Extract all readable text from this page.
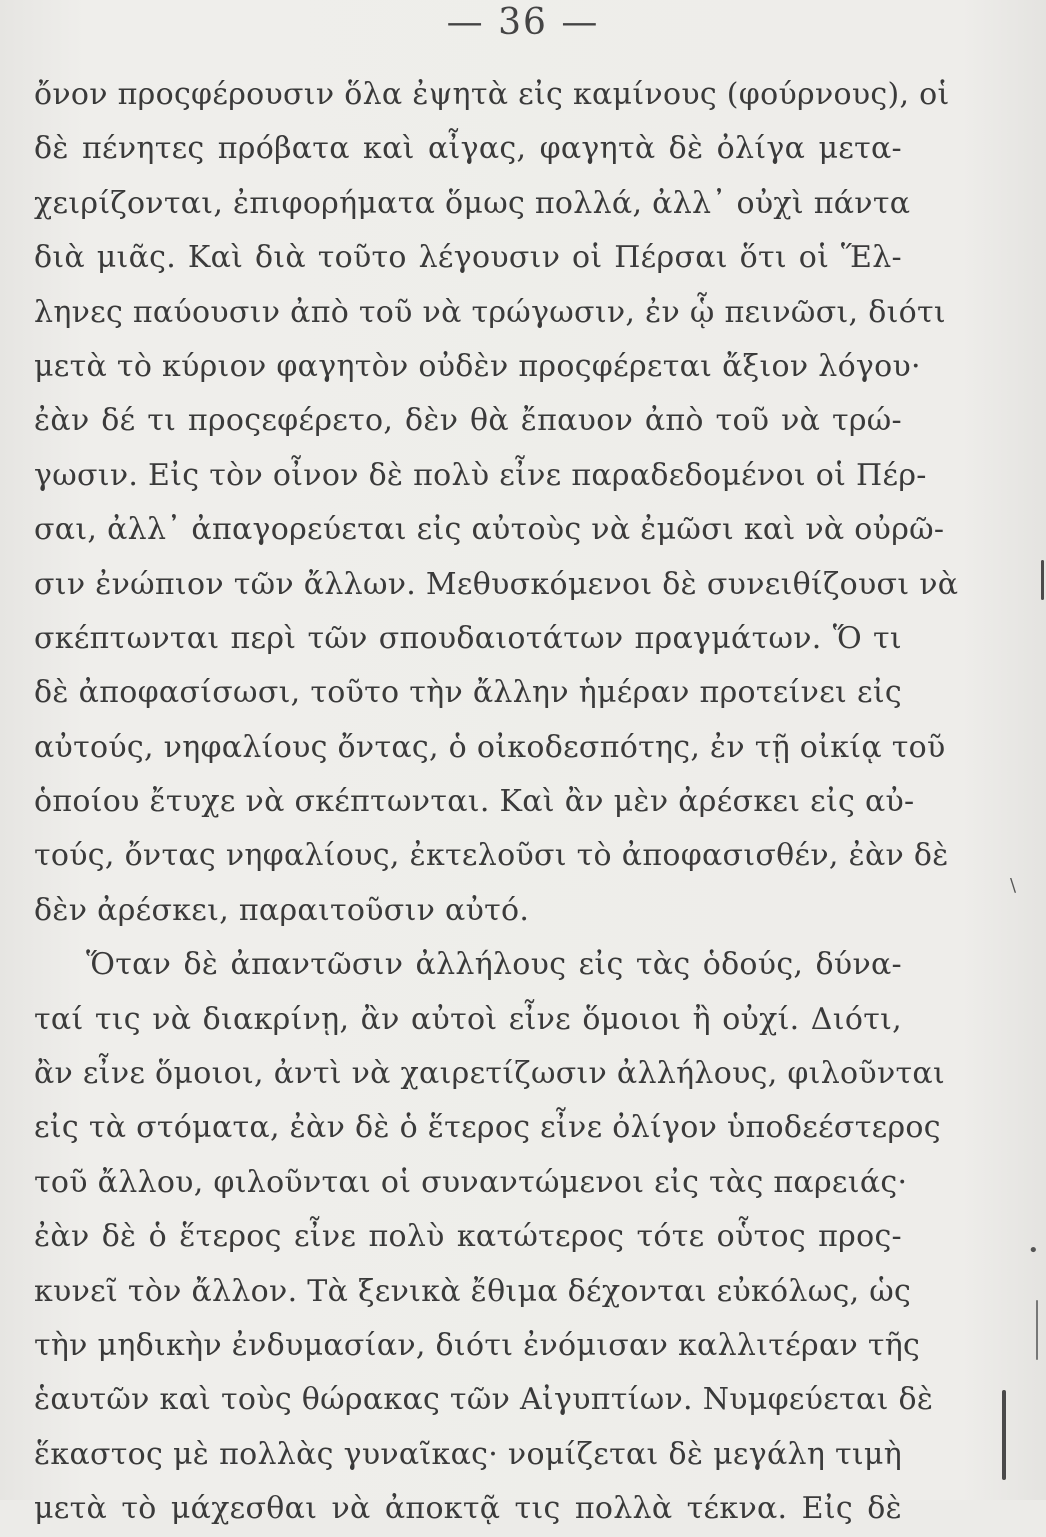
— 36 —
ὄνον προςφέρουσιν ὅλα ἐψητὰ εἰς καμίνους (φούρνους), οἱ
δὲ πένητες πρόβατα καὶ αἶγας, φαγητὰ δὲ ὀλίγα μετα-
χειρίζονται, ἐπιφορήματα ὅμως πολλά, ἀλλ᾽ οὐχὶ πάντα
διὰ μιᾶς. Καὶ διὰ τοῦτο λέγουσιν οἱ Πέρσαι ὅτι οἱ Ἕλ-
ληνες παύουσιν ἀπὸ τοῦ νὰ τρώγωσιν, ἐν ᾧ πεινῶσι, διότι
μετὰ τὸ κύριον φαγητὸν οὐδὲν προςφέρεται ἄξιον λόγου·
ἐὰν δέ τι προςεφέρετο, δὲν θὰ ἔπαυον ἀπὸ τοῦ νὰ τρώ-
γωσιν. Εἰς τὸν οἶνον δὲ πολὺ εἶνε παραδεδομένοι οἱ Πέρ-
σαι, ἀλλ᾽ ἀπαγορεύεται εἰς αὐτοὺς νὰ ἐμῶσι καὶ νὰ οὐρῶ-
σιν ἐνώπιον τῶν ἄλλων. Μεθυσκόμενοι δὲ συνειθίζουσι νὰ
σκέπτωνται περὶ τῶν σπουδαιοτάτων πραγμάτων. Ὅ τι
δὲ ἀποφασίσωσι, τοῦτο τὴν ἄλλην ἡμέραν προτείνει εἰς
αὐτούς, νηφαλίους ὄντας, ὁ οἰκοδεσπότης, ἐν τῇ οἰκίᾳ τοῦ
ὁποίου ἔτυχε νὰ σκέπτωνται. Καὶ ἂν μὲν ἀρέσκει εἰς αὐ-
τούς, ὄντας νηφαλίους, ἐκτελοῦσι τὸ ἀποφασισθέν, ἐὰν δὲ
δὲν ἀρέσκει, παραιτοῦσιν αὐτό.
Ὅταν δὲ ἀπαντῶσιν ἀλλήλους εἰς τὰς ὁδούς, δύνα-
ταί τις νὰ διακρίνῃ, ἂν αὐτοὶ εἶνε ὅμοιοι ἢ οὐχί. Διότι,
ἂν εἶνε ὅμοιοι, ἀντὶ νὰ χαιρετίζωσιν ἀλλήλους, φιλοῦνται
εἰς τὰ στόματα, ἐὰν δὲ ὁ ἕτερος εἶνε ὀλίγον ὑποδεέστερος
τοῦ ἄλλου, φιλοῦνται οἱ συναντώμενοι εἰς τὰς παρειάς·
ἐὰν δὲ ὁ ἕτερος εἶνε πολὺ κατώτερος τότε οὗτος προς-
κυνεῖ τὸν ἄλλον. Τὰ ξενικὰ ἔθιμα δέχονται εὐκόλως, ὡς
τὴν μηδικὴν ἐνδυμασίαν, διότι ἐνόμισαν καλλιτέραν τῆς
ἑαυτῶν καὶ τοὺς θώρακας τῶν Αἰγυπτίων. Νυμφεύεται δὲ
ἕκαστος μὲ πολλὰς γυναῖκας· νομίζεται δὲ μεγάλη τιμὴ
μετὰ τὸ μάχεσθαι νὰ ἀποκτᾷ τις πολλὰ τέκνα. Εἰς δὲ
\
•
